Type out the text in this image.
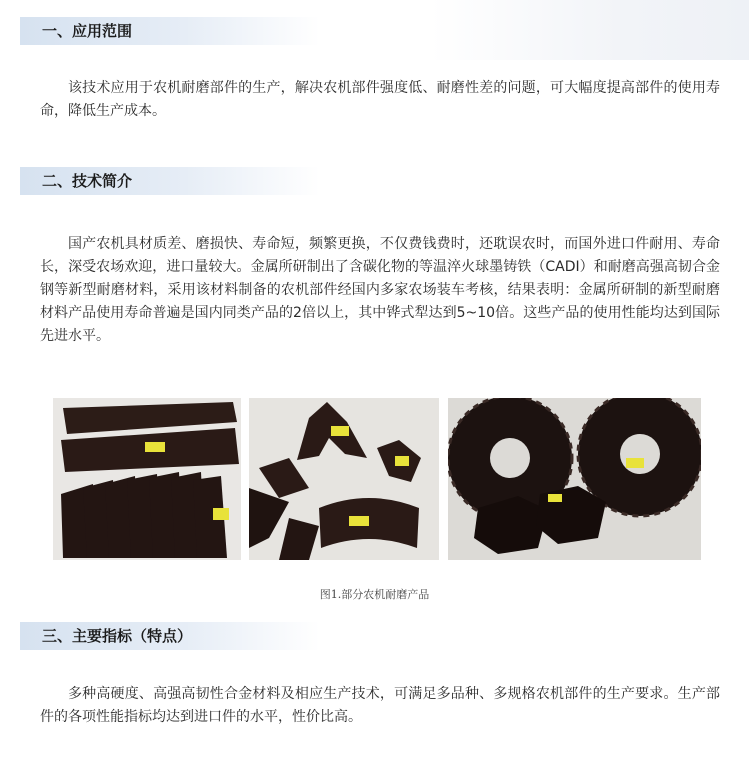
一、应用范围

该技术应用于农机耐磨部件的生产，解决农机部件强度低、耐磨性差的问题，可大幅度提高部件的使用寿命，降低生产成本。

二、技术简介

国产农机具材质差、磨损快、寿命短，频繁更换，不仅费钱费时，还耽误农时，而国外进口件耐用、寿命长，深受农场欢迎，进口量较大。金属所研制出了含碳化物的等温淬火球墨铸铁（CADI）和耐磨高强高韧合金钢等新型耐磨材料，采用该材料制备的农机部件经国内多家农场装车考核，结果表明：金属所研制的新型耐磨材料产品使用寿命普遍是国内同类产品的2倍以上，其中铧式犁达到5~10倍。这些产品的使用性能均达到国际先进水平。

图1.部分农机耐磨产品
三、主要指标（特点）

多种高硬度、高强高韧性合金材料及相应生产技术，可满足多品种、多规格农机部件的生产要求。生产部件的各项性能指标均达到进口件的水平，性价比高。
